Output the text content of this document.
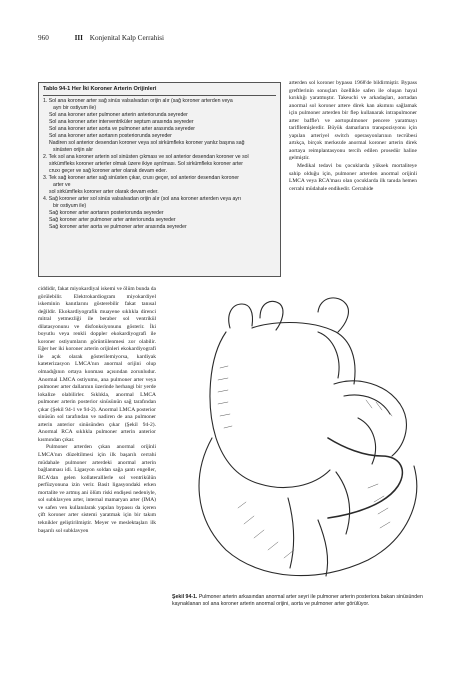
960	III Konjenital Kalp Cerrahisi
Tablo 94-1 Her İki Koroner Arterin Orijinleri
1. Sol ana koroner arter sağ sinüs valsalvadan orijin alır (sağ koroner arterden veya
ayrı bir ostiyum ile)
Sol ana koroner arter pulmoner arterin anteriorunda seyreder
Sol ana koroner arter interventriküler septum arasında seyreder
Sol ana koroner arter aorta ve pulmoner arter arasında seyreder
Sol ana koroner arter aortanın posteriorunda seyreder
Nadiren sol anterior desendan koroner veya sol sirkümfleks koroner yanlız başına sağ
sinüsten orijin alır
2. Tek sol ana koroner arterin sol sinüsten çıkması ve sol anterior desendan koroner ve sol
sirkümfleks koroner arterler olmak üzere ikiye ayrılması. Sol sirkümfleks koroner arter
cruxı geçer ve sağ koroner arter olarak devam eder.
3. Tek sağ koroner arter sağ sinüsten çıkar, cruxı geçer, sol anterior desendan koroner
arter ve
sol sirkümfleks koroner arter olarak devam eder.
4. Sağ koroner arter sol sinüs valsalvadan orijin alır (sol ana koroner arterden veya ayrı
bir ostiyum ile)
Sağ koroner arter aortanın posteriorunda seyreder
Sağ koroner arter pulmoner arter anteriorunda seyreder
Sağ koroner arter aorta ve pulmoner arter arasında seyreder

arterden sol koroner bypassı 1968'de bildirmiştir. Bypass greftlerinin sonuçları özellikle safen ile oluşan hayal kırıklığı yaratmıştır. Takeuchi ve arkadaşları, aortadan anormal sol koroner artere direk kan akımını sağlamak için pulmoner arterden bir flep kullanarak intrapulmoner arter baffle'ı ve aortopulmoner pencere yaratmayı tarifllemişlerdir. Büyük damarların transpozisyonu için yapılan arteriyel switch operasyonlarının tecrübesi artıkça, birçok merkezde anormal koroner arterin direk aortaya reimplantasyonu tercih edilen prosedür haline gelmiştir.

Medikal tedavi bu çocuklarda yüksek mortaliteye sahip olduğu için, pulmoner arterden anormal orijinli LMCA veya RCA'ması olan çocuklarda ilk tanıda hemen cerrahi müdahale endikedir. Cerrahide

ciddidir, fakat miyokardiyal iskemi ve ölüm bunda da görülebilir. Elektrokardiogram miyokardiyel iskeminin kanıtlarını gösterebilir fakat tanısal değildir. Ekokardiyografik muayene sıklıkla direnci mitral yetmezliği ile beraber sol ventrikül dilatasyonunu ve disfonksiyonunu gösterir. İki boyutlu veya renkli doppler ekokardiyografi ile koroner ostiyumların görüntülenmesi zor olabilir. Eğer her iki koroner arterin orijinleri ekokardiyografi ile açık olarak gösterilemiyorsa, kardiyak kateterizasyon LMCA'nın anormal orijini olup olmadığının ortaya konması açısından zorunludur. Anormal LMCA ostiyumu, ana pulmoner arter veya pulmoner arter dallarının üzerinde herhangi bir yerde lokalize olabilirler. Sıklıkla, anormal LMCA pulmoner arterin posterior sinüsünün sağ tarafından çıkar (Şekil 94-1 ve 94-2). Anormal LMCA posterior sinüsün sol tarafından ve nadiren de ana pulmoner arterin anterior sinüsünden çıkar (Şekil 94-2). Anormal RCA sıklıkla pulmoner arterin anterior kısmından çıkar.

Pulmoner arterden çıkan anormal orijinli LMCA'nın düzeltilmesi için ilk başarılı cerrahi müdahale pulmoner arterdeki anormal arterin bağlanması idi. Ligasyon soldan sağa şantı engeller, RCA'dan gelen kollateralllerle sol ventrikülün perfüzyonuna izin verir. Basit ligasyondaki erken mortalite ve artmış ani ölüm riski endişesi nedeniyle, sol subklavyen arter, internal mamaryan arter (IMA) ve safen ven kullanılarak yapılan bypassı da içeren çift koroner arter sistemi yaratmak için bir takım teknikler geliştirilmiştir. Meyer ve meslektaşları ilk başarılı sol subklavyen

Şekil 94-1. Pulmoner arterin arkasından anormal arter seyri ile pulmoner arterin posteriora bakan sinüsünden kaynaklanan sol ana koroner arterin anormal orijini, aorta ve pulmoner arter görülüyor.
